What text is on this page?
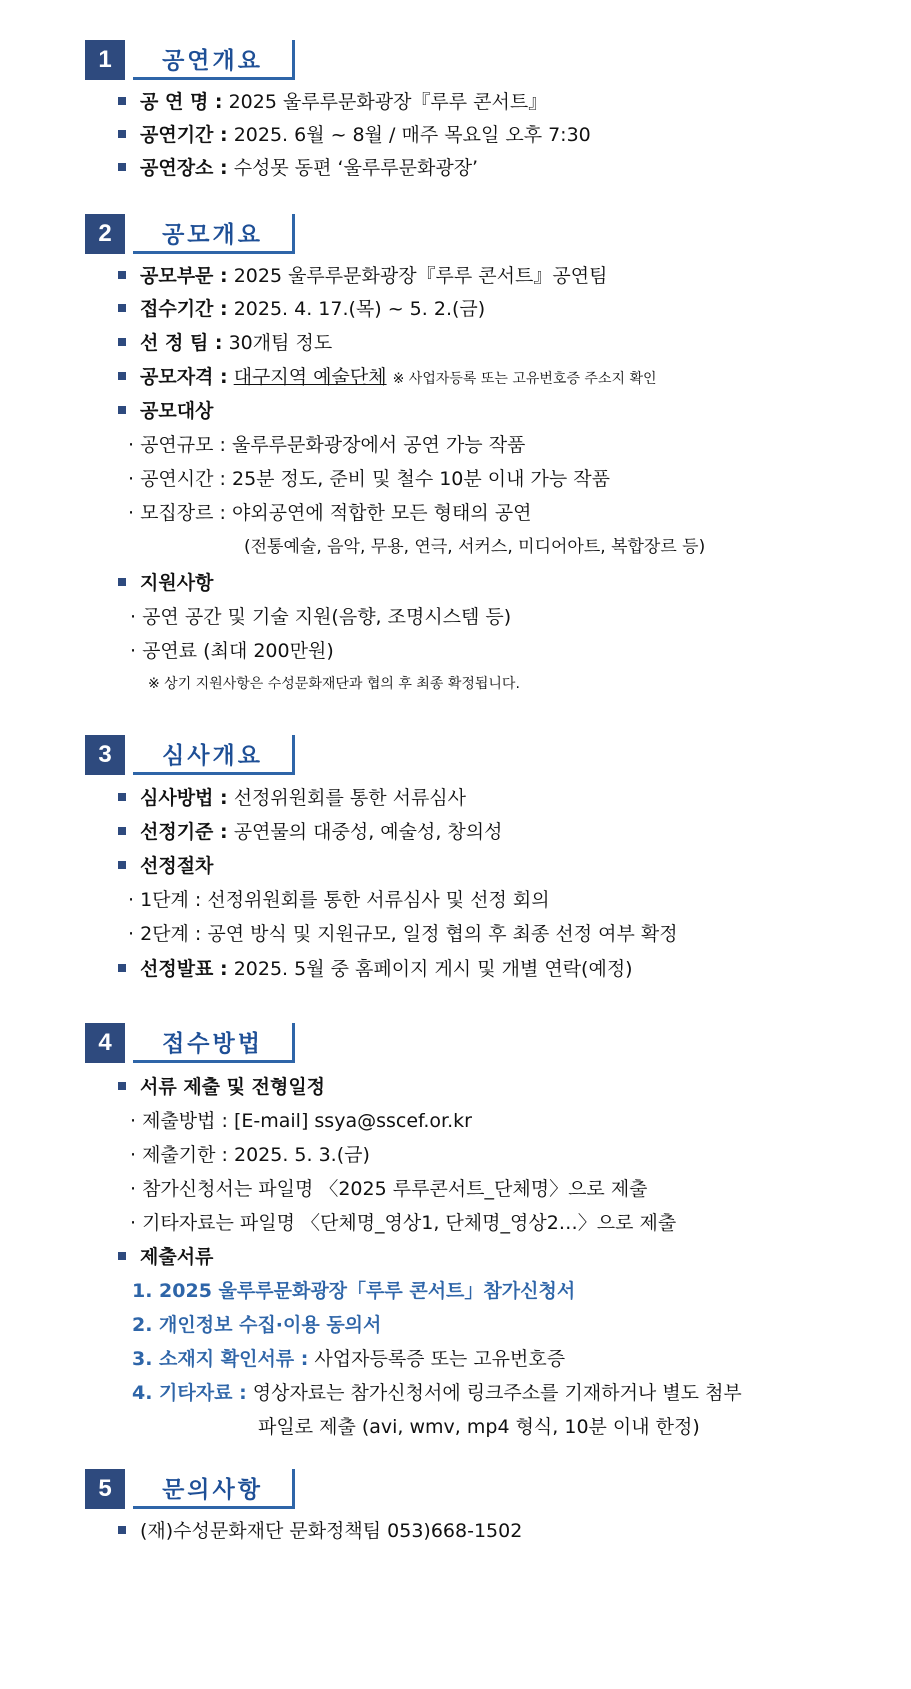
1	공연개요
공 연 명 : 2025 울루루문화광장『루루 콘서트』
공연기간 : 2025. 6월 ~ 8월 / 매주 목요일 오후 7:30
공연장소 : 수성못 동편 ‘울루루문화광장’
2	공모개요
공모부문 : 2025 울루루문화광장『루루 콘서트』공연팀
접수기간 : 2025. 4. 17.(목) ~ 5. 2.(금)
선 정 팀 : 30개팀 정도
공모자격 : 대구지역 예술단체 ※ 사업자등록 또는 고유번호증 주소지 확인
공모대상
· 공연규모 : 울루루문화광장에서 공연 가능 작품
· 공연시간 : 25분 정도, 준비 및 철수 10분 이내 가능 작품
· 모집장르 : 야외공연에 적합한 모든 형태의 공연
(전통예술, 음악, 무용, 연극, 서커스, 미디어아트, 복합장르 등)
지원사항
· 공연 공간 및 기술 지원(음향, 조명시스템 등)
· 공연료 (최대 200만원)
※ 상기 지원사항은 수성문화재단과 협의 후 최종 확정됩니다.
3	심사개요
심사방법 : 선정위원회를 통한 서류심사
선정기준 : 공연물의 대중성, 예술성, 창의성
선정절차
· 1단계 : 선정위원회를 통한 서류심사 및 선정 회의
· 2단계 : 공연 방식 및 지원규모, 일정 협의 후 최종 선정 여부 확정
선정발표 : 2025. 5월 중 홈페이지 게시 및 개별 연락(예정)
4	접수방법
서류 제출 및 전형일정
· 제출방법 : [E-mail] ssya@sscef.or.kr
· 제출기한 : 2025. 5. 3.(금)
· 참가신청서는 파일명 〈2025 루루콘서트_단체명〉으로 제출
· 기타자료는 파일명 〈단체명_영상1, 단체명_영상2…〉으로 제출
제출서류
1. 2025 울루루문화광장「루루 콘서트」참가신청서
2. 개인정보 수집·이용 동의서
3. 소재지 확인서류 : 사업자등록증 또는 고유번호증
4. 기타자료 : 영상자료는 참가신청서에 링크주소를 기재하거나 별도 첨부
파일로 제출 (avi, wmv, mp4 형식, 10분 이내 한정)
5	문의사항
(재)수성문화재단 문화정책팀 053)668-1502
